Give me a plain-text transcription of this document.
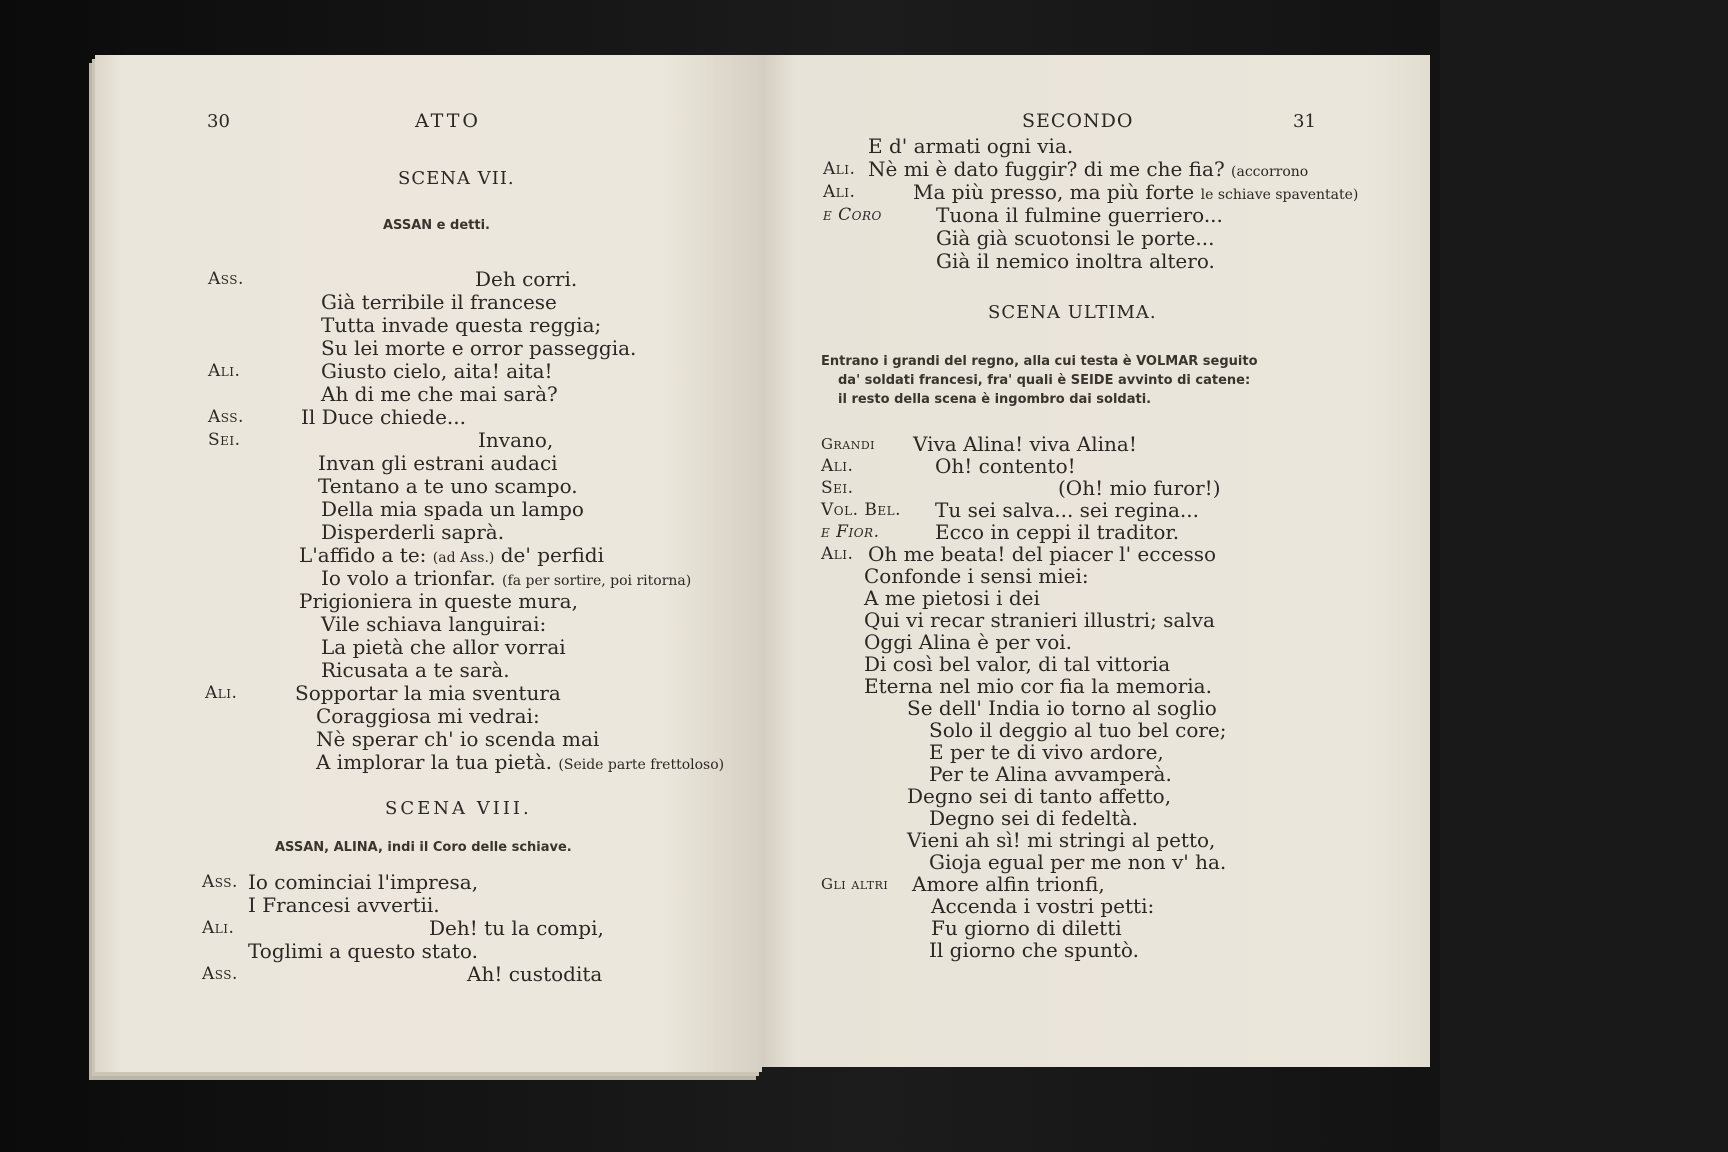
30	ATTO
SCENA VII.
ASSAN e detti.
Ass.	Deh corri.
Già terribile il francese
Tutta invade questa reggia;
Su lei morte e orror passeggia.
Ali.	Giusto cielo, aita! aita!
Ah di me che mai sarà?
Ass.	Il Duce chiede...
Sei.	Invano,
Invan gli estrani audaci
Tentano a te uno scampo.
Della mia spada un lampo
Disperderli saprà.
L'affido a te: (ad Ass.) de' perfidi
Io volo a trionfar. (fa per sortire, poi ritorna)
Prigioniera in queste mura,
Vile schiava languirai:
La pietà che allor vorrai
Ricusata a te sarà.
Ali.	Sopportar la mia sventura
Coraggiosa mi vedrai:
Nè sperar ch' io scenda mai
A implorar la tua pietà. (Seide parte frettoloso)
SCENA VIII.
ASSAN, ALINA, indi il Coro delle schiave.
Ass. Io cominciai l'impresa,
I Francesi avvertii.
Ali.	Deh! tu la compi,
Toglimi a questo stato.
Ass.	Ah! custodita
SECONDO	31
E d' armati ogni via.
Ali. Nè mi è dato fuggir? di me che fia? (accorrono
Ali.	Ma più presso, ma più forte le schiave spaventate)
e Coro	Tuona il fulmine guerriero...
Già già scuotonsi le porte...
Già il nemico inoltra altero.
SCENA ULTIMA.
Entrano i grandi del regno, alla cui testa è VOLMAR seguito
da' soldati francesi, fra' quali è SEIDE avvinto di catene:
il resto della scena è ingombro dai soldati.
Grandi Viva Alina! viva Alina!
Ali.	Oh! contento!
Sei.	(Oh! mio furor!)
Vol. Bel. Tu sei salva... sei regina...
e Fior.	Ecco in ceppi il traditor.
Ali. Oh me beata! del piacer l' eccesso
Confonde i sensi miei:
A me pietosi i dei
Qui vi recar stranieri illustri; salva
Oggi Alina è per voi.
Di così bel valor, di tal vittoria
Eterna nel mio cor fia la memoria.
Se dell' India io torno al soglio
Solo il deggio al tuo bel core;
E per te di vivo ardore,
Per te Alina avvamperà.
Degno sei di tanto affetto,
Degno sei di fedeltà.
Vieni ah sì! mi stringi al petto,
Gioja egual per me non v' ha.
Gli altri Amore alfin trionfi,
Accenda i vostri petti:
Fu giorno di diletti
Il giorno che spuntò.
